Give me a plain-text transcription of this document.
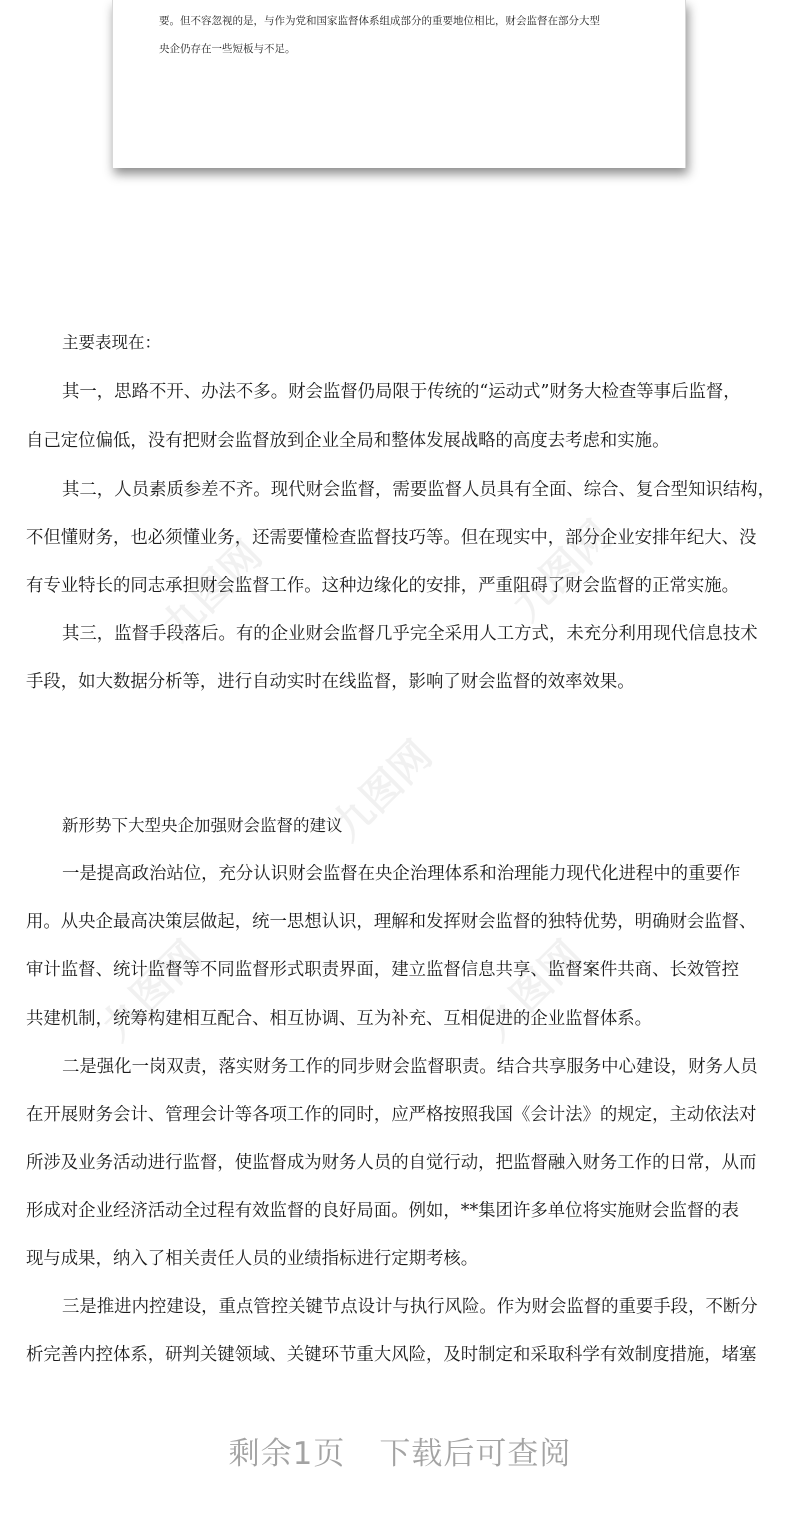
要。但不容忽视的是，与作为党和国家监督体系组成部分的重要地位相比，财会监督在部分大型

央企仍存在一些短板与不足。

九图网	九图网
九图网
九图网	九图网

主要表现在：

其一，思路不开、办法不多。财会监督仍局限于传统的“运动式”财务大检查等事后监督，

自己定位偏低，没有把财会监督放到企业全局和整体发展战略的高度去考虑和实施。

其二，人员素质参差不齐。现代财会监督，需要监督人员具有全面、综合、复合型知识结构，

不但懂财务，也必须懂业务，还需要懂检查监督技巧等。但在现实中，部分企业安排年纪大、没

有专业特长的同志承担财会监督工作。这种边缘化的安排，严重阻碍了财会监督的正常实施。

其三，监督手段落后。有的企业财会监督几乎完全采用人工方式，未充分利用现代信息技术

手段，如大数据分析等，进行自动实时在线监督，影响了财会监督的效率效果。

新形势下大型央企加强财会监督的建议

一是提高政治站位，充分认识财会监督在央企治理体系和治理能力现代化进程中的重要作

用。从央企最高决策层做起，统一思想认识，理解和发挥财会监督的独特优势，明确财会监督、

审计监督、统计监督等不同监督形式职责界面，建立监督信息共享、监督案件共商、长效管控

共建机制，统筹构建相互配合、相互协调、互为补充、互相促进的企业监督体系。

二是强化一岗双责，落实财务工作的同步财会监督职责。结合共享服务中心建设，财务人员

在开展财务会计、管理会计等各项工作的同时，应严格按照我国《会计法》的规定，主动依法对

所涉及业务活动进行监督，使监督成为财务人员的自觉行动，把监督融入财务工作的日常，从而

形成对企业经济活动全过程有效监督的良好局面。例如，**集团许多单位将实施财会监督的表

现与成果，纳入了相关责任人员的业绩指标进行定期考核。

三是推进内控建设，重点管控关键节点设计与执行风险。作为财会监督的重要手段，不断分

析完善内控体系，研判关键领域、关键环节重大风险，及时制定和采取科学有效制度措施，堵塞

剩余1页 下载后可查阅
